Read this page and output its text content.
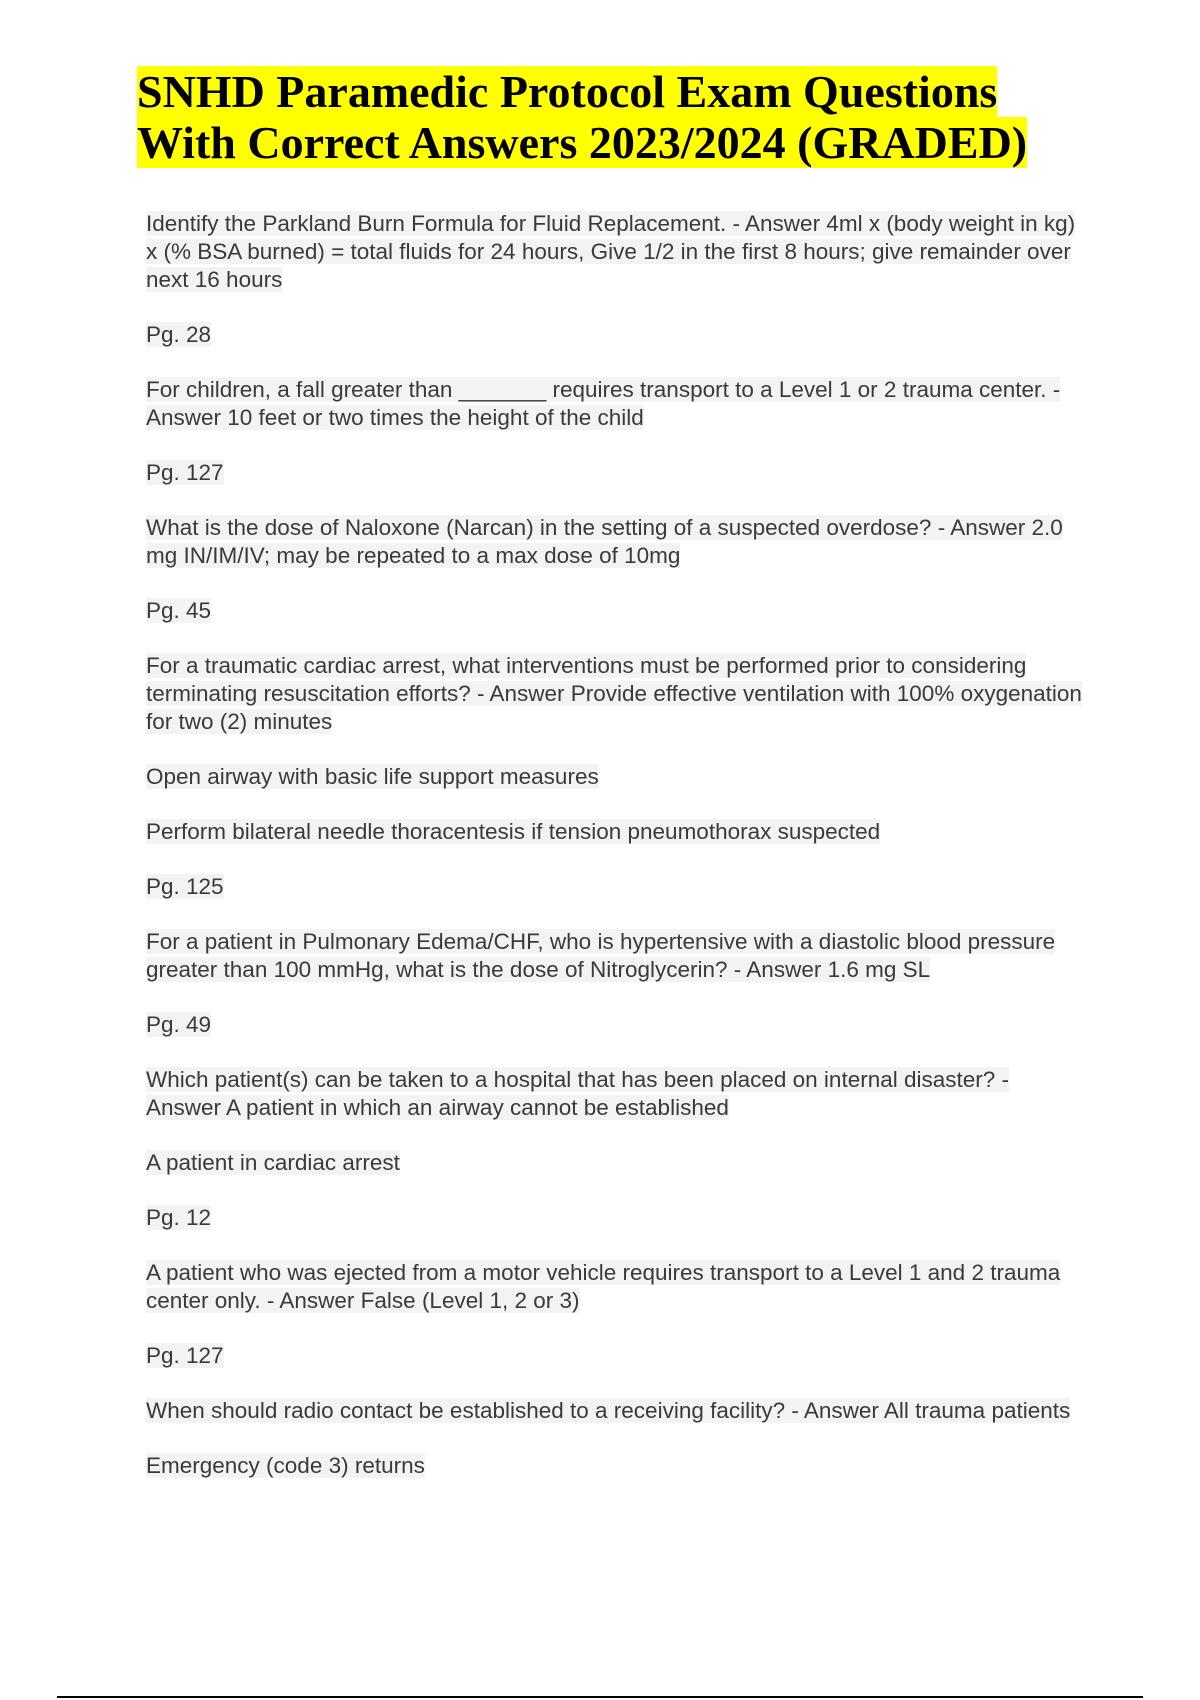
SNHD Paramedic Protocol Exam Questions With Correct Answers 2023/2024 (GRADED)

Identify the Parkland Burn Formula for Fluid Replacement. - Answer 4ml x (body weight in kg) x (% BSA burned) = total fluids for 24 hours, Give 1/2 in the first 8 hours; give remainder over next 16 hours

Pg. 28

For children, a fall greater than _______ requires transport to a Level 1 or 2 trauma center. - Answer 10 feet or two times the height of the child

Pg. 127

What is the dose of Naloxone (Narcan) in the setting of a suspected overdose? - Answer 2.0 mg IN/IM/IV; may be repeated to a max dose of 10mg

Pg. 45

For a traumatic cardiac arrest, what interventions must be performed prior to considering terminating resuscitation efforts? - Answer Provide effective ventilation with 100% oxygenation for two (2) minutes

Open airway with basic life support measures

Perform bilateral needle thoracentesis if tension pneumothorax suspected

Pg. 125

For a patient in Pulmonary Edema/CHF, who is hypertensive with a diastolic blood pressure greater than 100 mmHg, what is the dose of Nitroglycerin? - Answer 1.6 mg SL

Pg. 49

Which patient(s) can be taken to a hospital that has been placed on internal disaster? - Answer A patient in which an airway cannot be established

A patient in cardiac arrest

Pg. 12

A patient who was ejected from a motor vehicle requires transport to a Level 1 and 2 trauma center only. - Answer False (Level 1, 2 or 3)

Pg. 127

When should radio contact be established to a receiving facility? - Answer All trauma patients

Emergency (code 3) returns
